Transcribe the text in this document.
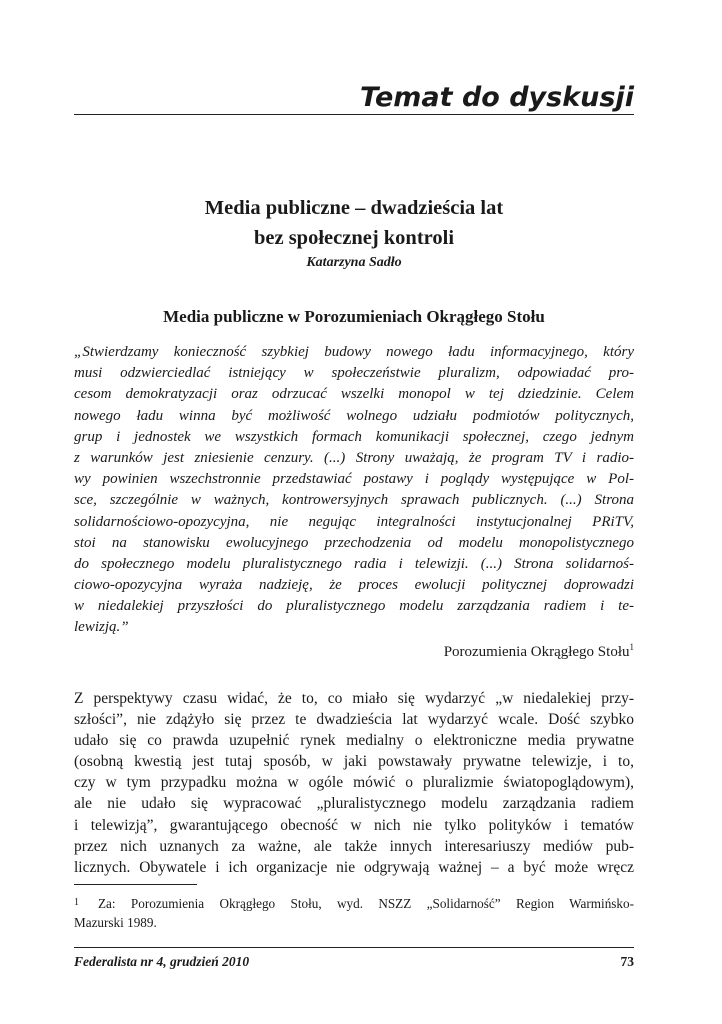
Temat do dyskusji
Media publiczne – dwadzieścia lat
bez społecznej kontroli
Katarzyna Sadło
Media publiczne w Porozumieniach Okrągłego Stołu
„Stwierdzamy konieczność szybkiej budowy nowego ładu informacyjnego, który
musi odzwierciedlać istniejący w społeczeństwie pluralizm, odpowiadać pro-
cesom demokratyzacji oraz odrzucać wszelki monopol w tej dziedzinie. Celem
nowego ładu winna być możliwość wolnego udziału podmiotów politycznych,
grup i jednostek we wszystkich formach komunikacji społecznej, czego jednym
z warunków jest zniesienie cenzury. (...) Strony uważają, że program TV i radio-
wy powinien wszechstronnie przedstawiać postawy i poglądy występujące w Pol-
sce, szczególnie w ważnych, kontrowersyjnych sprawach publicznych. (...) Strona
solidarnościowo-opozycyjna, nie negując integralności instytucjonalnej PRiTV,
stoi na stanowisku ewolucyjnego przechodzenia od modelu monopolistycznego
do społecznego modelu pluralistycznego radia i telewizji. (...) Strona solidarnoś-
ciowo-opozycyjna wyraża nadzieję, że proces ewolucji politycznej doprowadzi
w niedalekiej przyszłości do pluralistycznego modelu zarządzania radiem i te-
lewizją.”
Porozumienia Okrągłego Stołu$^1$
Z perspektywy czasu widać, że to, co miało się wydarzyć „w niedalekiej przy-
szłości”, nie zdążyło się przez te dwadzieścia lat wydarzyć wcale. Dość szybko
udało się co prawda uzupełnić rynek medialny o elektroniczne media prywatne
(osobną kwestią jest tutaj sposób, w jaki powstawały prywatne telewizje, i to,
czy w tym przypadku można w ogóle mówić o pluralizmie światopoglądowym),
ale nie udało się wypracować „pluralistycznego modelu zarządzania radiem
i telewizją”, gwarantującego obecność w nich nie tylko polityków i tematów
przez nich uznanych za ważne, ale także innych interesariuszy mediów pub-
licznych. Obywatele i ich organizacje nie odgrywają ważnej – a być może wręcz
1 Za: Porozumienia Okrągłego Stołu, wyd. NSZZ „Solidarność” Region Warmińsko-
Mazurski 1989.
Federalista nr 4, grudzień 2010	73
